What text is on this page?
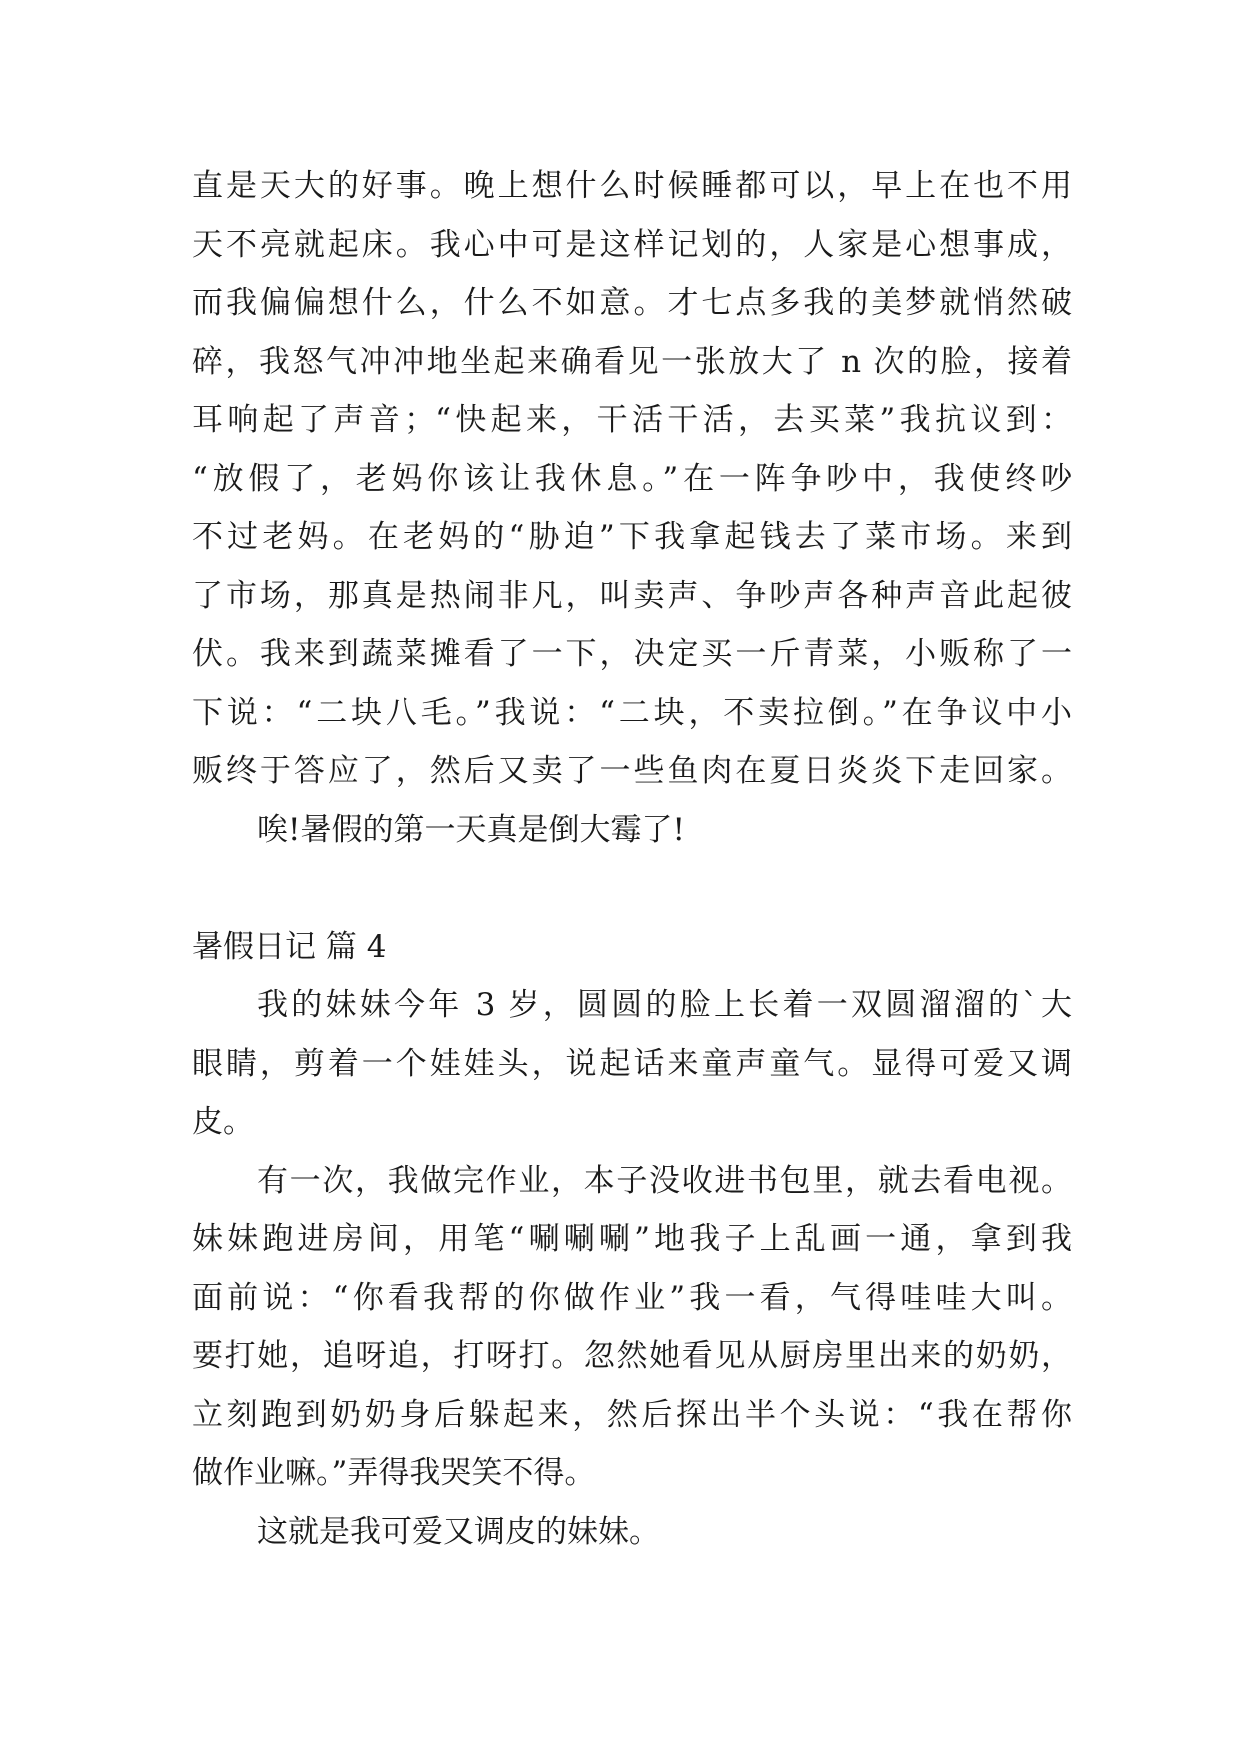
直是天大的好事。晚上想什么时候睡都可以，早上在也不用
天不亮就起床。我心中可是这样记划的，人家是心想事成，
而我偏偏想什么，什么不如意。才七点多我的美梦就悄然破
碎，我怒气冲冲地坐起来确看见一张放大了 n 次的脸，接着
耳响起了声音；“快起来，干活干活，去买菜”我抗议到：
“放假了，老妈你该让我休息。”在一阵争吵中，我使终吵
不过老妈。在老妈的“胁迫”下我拿起钱去了菜市场。来到
了市场，那真是热闹非凡，叫卖声、争吵声各种声音此起彼
伏。我来到蔬菜摊看了一下，决定买一斤青菜，小贩称了一
下说：“二块八毛。”我说：“二块，不卖拉倒。”在争议中小
贩终于答应了，然后又卖了一些鱼肉在夏日炎炎下走回家。
唉!暑假的第一天真是倒大霉了!
暑假日记 篇 4
我的妹妹今年 3 岁，圆圆的脸上长着一双圆溜溜的`大
眼睛，剪着一个娃娃头，说起话来童声童气。显得可爱又调
皮。
有一次，我做完作业，本子没收进书包里，就去看电视。
妹妹跑进房间，用笔“唰唰唰”地我子上乱画一通，拿到我
面前说：“你看我帮的你做作业”我一看，气得哇哇大叫。
要打她，追呀追，打呀打。忽然她看见从厨房里出来的奶奶，
立刻跑到奶奶身后躲起来，然后探出半个头说：“我在帮你
做作业嘛。”弄得我哭笑不得。
这就是我可爱又调皮的妹妹。
